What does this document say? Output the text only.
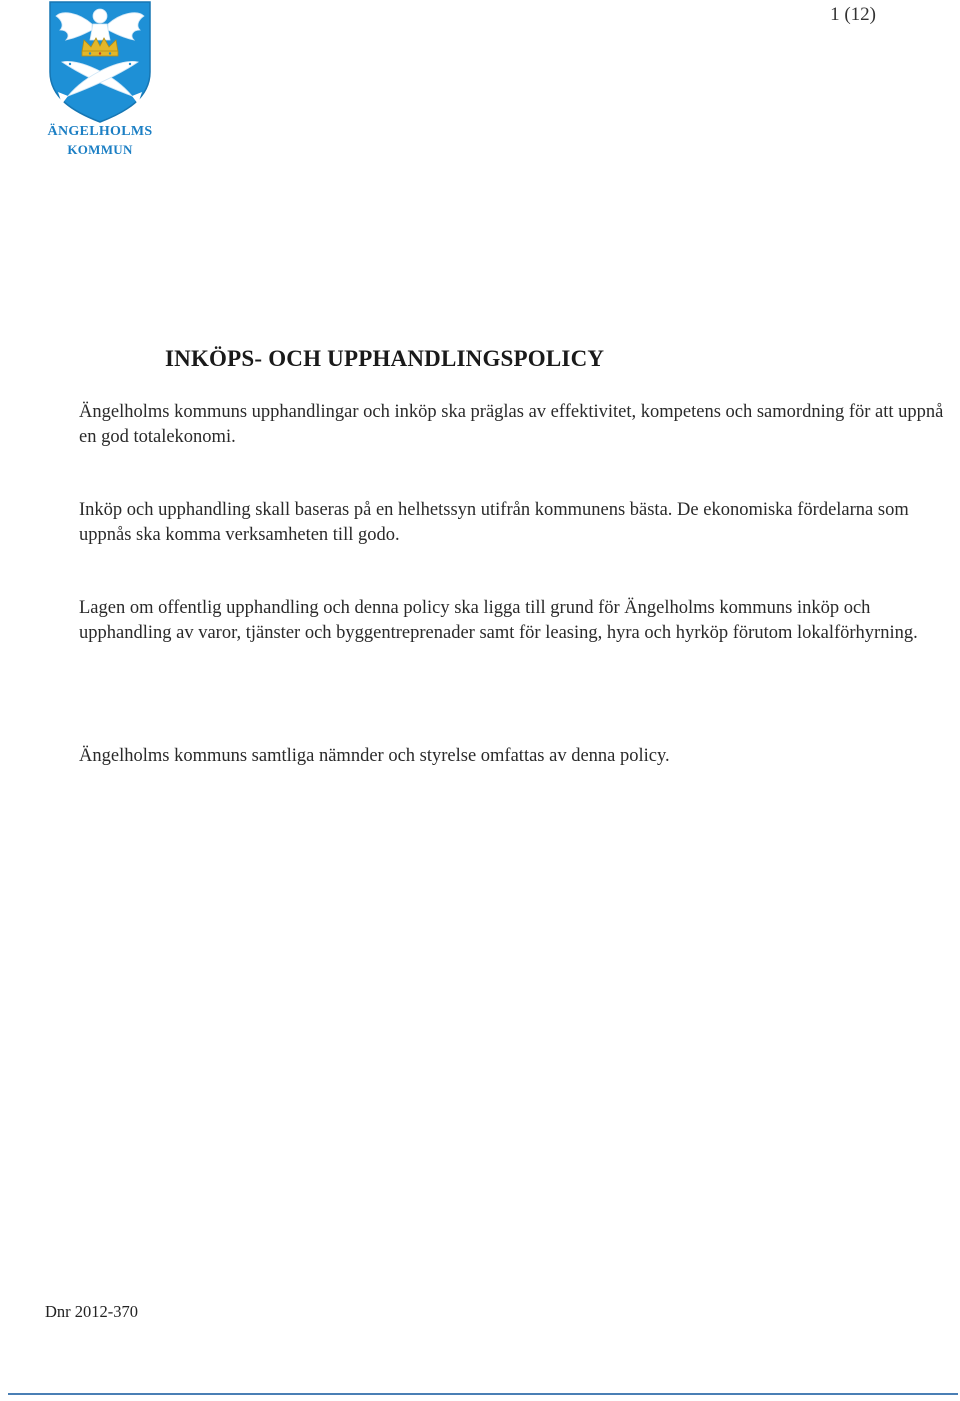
1 (12)
ÄNGELHOLMS
KOMMUN
INKÖPS- OCH UPPHANDLINGSPOLICY

Ängelholms kommuns upphandlingar och inköp ska präglas av effektivitet, kompetens och samordning för att uppnå en god totalekonomi.

Inköp och upphandling skall baseras på en helhetssyn utifrån kommunens bästa. De ekonomiska fördelarna som uppnås ska komma verksamheten till godo.

Lagen om offentlig upphandling och denna policy ska ligga till grund för Ängelholms kommuns inköp och upphandling av varor, tjänster och byggentreprenader samt för leasing, hyra och hyrköp förutom lokalförhyrning.

Ängelholms kommuns samtliga nämnder och styrelse omfattas av denna policy.

Dnr 2012-370
